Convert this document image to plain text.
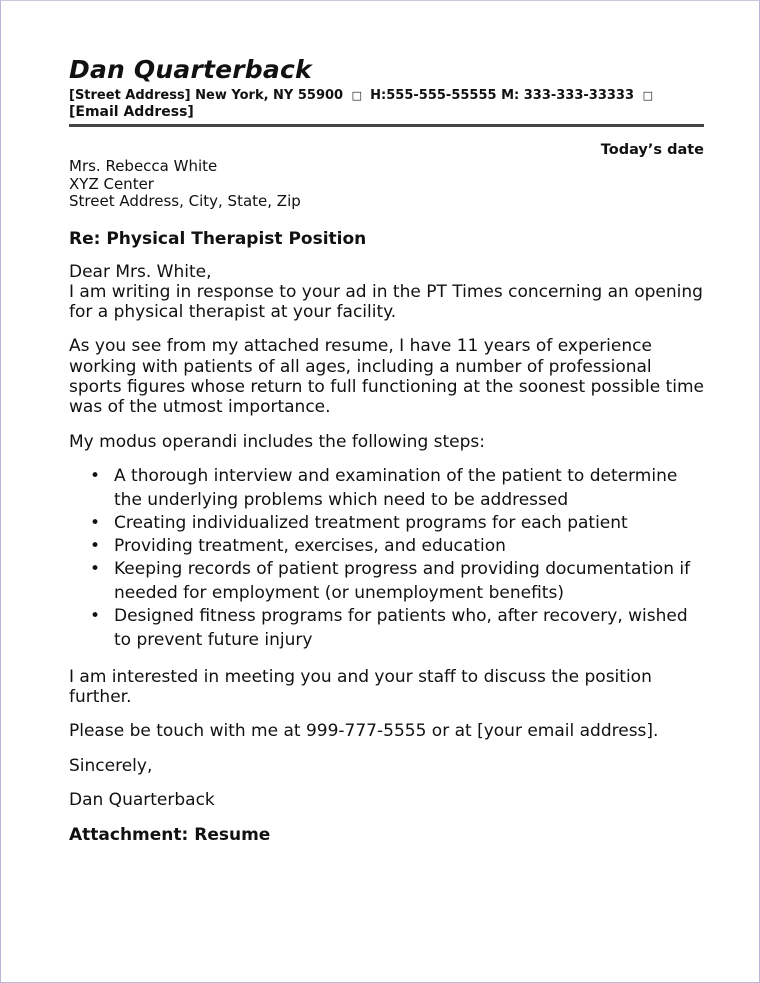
Dan Quarterback
[Street Address] New York, NY 55900 □ H:555-555-55555 M: 333-333-33333 □ [Email Address]
Today’s date
Mrs. Rebecca White
XYZ Center
Street Address, City, State, Zip
Re: Physical Therapist Position
Dear Mrs. White,
I am writing in response to your ad in the PT Times concerning an opening for a physical therapist at your facility.
As you see from my attached resume, I have 11 years of experience working with patients of all ages, including a number of professional sports figures whose return to full functioning at the soonest possible time was of the utmost importance.
My modus operandi includes the following steps:
• A thorough interview and examination of the patient to determine the underlying problems which need to be addressed
• Creating individualized treatment programs for each patient
• Providing treatment, exercises, and education
• Keeping records of patient progress and providing documentation if needed for employment (or unemployment benefits)
• Designed fitness programs for patients who, after recovery, wished to prevent future injury
I am interested in meeting you and your staff to discuss the position further.
Please be touch with me at 999-777-5555 or at [your email address].
Sincerely,
Dan Quarterback
Attachment: Resume
